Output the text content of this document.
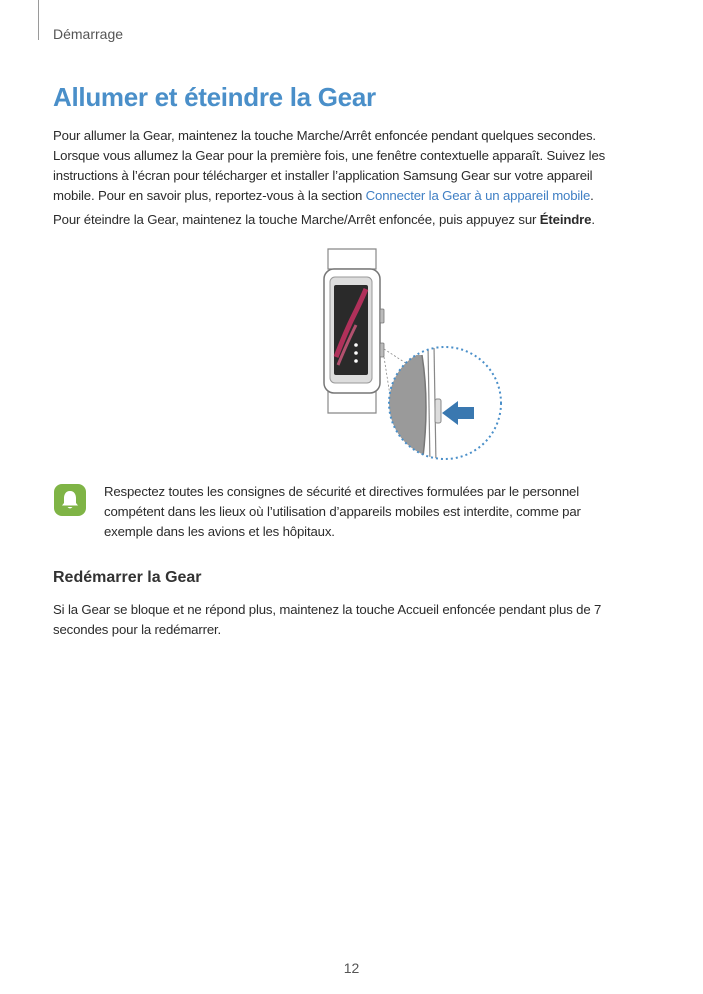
Démarrage
Allumer et éteindre la Gear

Pour allumer la Gear, maintenez la touche Marche/Arrêt enfoncée pendant quelques secondes. Lorsque vous allumez la Gear pour la première fois, une fenêtre contextuelle apparaît. Suivez les instructions à l’écran pour télécharger et installer l’application Samsung Gear sur votre appareil mobile. Pour en savoir plus, reportez-vous à la section Connecter la Gear à un appareil mobile.

Pour éteindre la Gear, maintenez la touche Marche/Arrêt enfoncée, puis appuyez sur Éteindre.

Respectez toutes les consignes de sécurité et directives formulées par le personnel compétent dans les lieux où l’utilisation d’appareils mobiles est interdite, comme par exemple dans les avions et les hôpitaux.

Redémarrer la Gear

Si la Gear se bloque et ne répond plus, maintenez la touche Accueil enfoncée pendant plus de 7 secondes pour la redémarrer.

12
